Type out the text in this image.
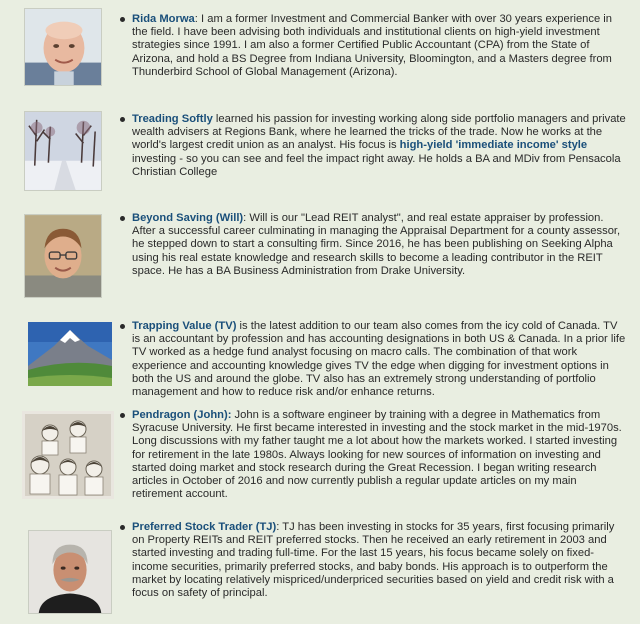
Rida Morwa: I am a former Investment and Commercial Banker with over 30 years experience in the field. I have been advising both individuals and institutional clients on high-yield investment strategies since 1991. I am also a former Certified Public Accountant (CPA) from the State of Arizona, and hold a BS Degree from Indiana University, Bloomington, and a Masters degree from Thunderbird School of Global Management (Arizona).

Treading Softly learned his passion for investing working along side portfolio managers and private wealth advisers at Regions Bank, where he learned the tricks of the trade. Now he works at the world's largest credit union as an analyst. His focus is high-yield 'immediate income' style investing - so you can see and feel the impact right away. He holds a BA and MDiv from Pensacola Christian College

Beyond Saving (Will): Will is our "Lead REIT analyst", and real estate appraiser by profession. After a successful career culminating in managing the Appraisal Department for a county assessor, he stepped down to start a consulting firm. Since 2016, he has been publishing on Seeking Alpha using his real estate knowledge and research skills to become a leading contributor in the REIT space. He has a BA Business Administration from Drake University.

Trapping Value (TV) is the latest addition to our team also comes from the icy cold of Canada. TV is an accountant by profession and has accounting designations in both US & Canada. In a prior life TV worked as a hedge fund analyst focusing on macro calls. The combination of that work experience and accounting knowledge gives TV the edge when digging for investment options in both the US and around the globe. TV also has an extremely strong understanding of portfolio management and how to reduce risk and/or enhance returns.

Pendragon (John): John is a software engineer by training with a degree in Mathematics from Syracuse University. He first became interested in investing and the stock market in the mid-1970s. Long discussions with my father taught me a lot about how the markets worked. I started investing for retirement in the late 1980s. Always looking for new sources of information on investing and started doing market and stock research during the Great Recession. I began writing research articles in October of 2016 and now currently publish a regular update articles on my main retirement account.

Preferred Stock Trader (TJ): TJ has been investing in stocks for 35 years, first focusing primarily on Property REITs and REIT preferred stocks. Then he received an early retirement in 2003 and started investing and trading full-time. For the last 15 years, his focus became solely on fixed-income securities, primarily preferred stocks, and baby bonds. His approach is to outperform the market by locating relatively mispriced/underpriced securities based on yield and credit risk with a focus on safety of principal.
